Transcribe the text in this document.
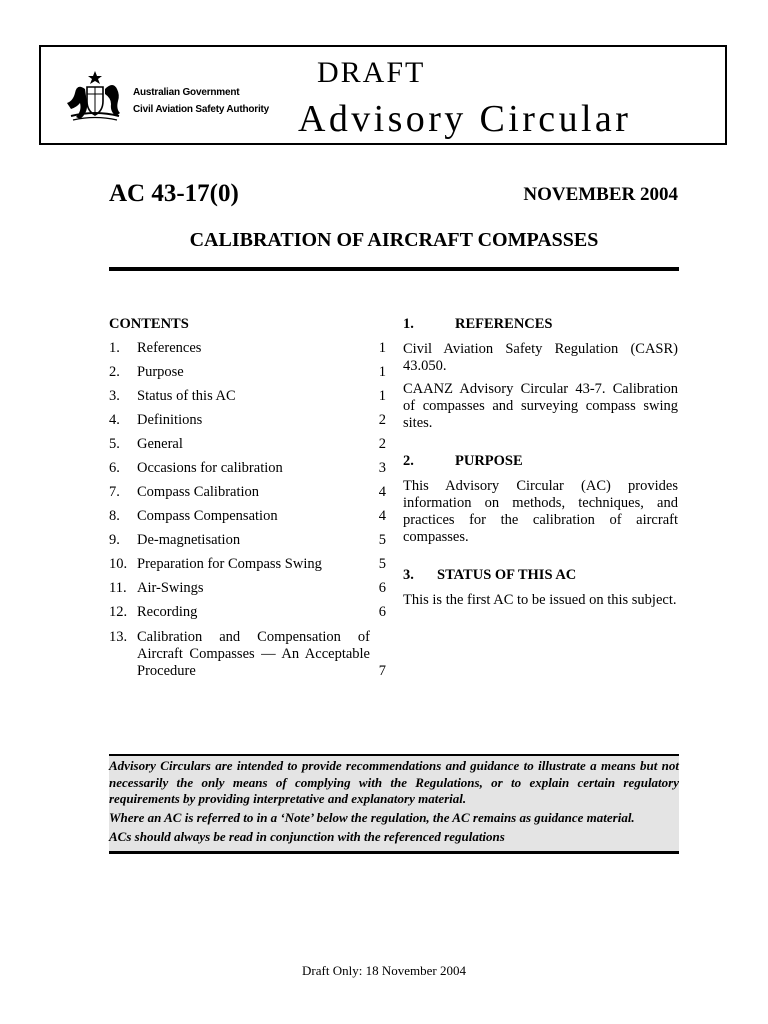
Australian Government
Civil Aviation Safety Authority
DRAFT
Advisory Circular
AC 43-17(0)	NOVEMBER 2004
CALIBRATION OF AIRCRAFT COMPASSES
CONTENTS
1.	References	1
2.	Purpose	1
3.	Status of this AC	1
4.	Definitions	2
5.	General	2
6.	Occasions for calibration	3
7.	Compass Calibration	4
8.	Compass Compensation	4
9.	De-magnetisation	5
10. Preparation for Compass Swing	5
11. Air-Swings	6
12. Recording	6
13. Calibration and Compensation of Aircraft Compasses — An Acceptable Procedure	7
1.	REFERENCES

Civil Aviation Safety Regulation (CASR) 43.050.

CAANZ Advisory Circular 43-7. Calibration of compasses and surveying compass swing sites.

2.	PURPOSE

This Advisory Circular (AC) provides information on methods, techniques, and practices for the calibration of aircraft compasses.

3.	STATUS OF THIS AC

This is the first AC to be issued on this subject.

Advisory Circulars are intended to provide recommendations and guidance to illustrate a means but not necessarily the only means of complying with the Regulations, or to explain certain regulatory requirements by providing interpretative and explanatory material.

Where an AC is referred to in a ‘Note’ below the regulation, the AC remains as guidance material.

ACs should always be read in conjunction with the referenced regulations

Draft Only: 18 November 2004
